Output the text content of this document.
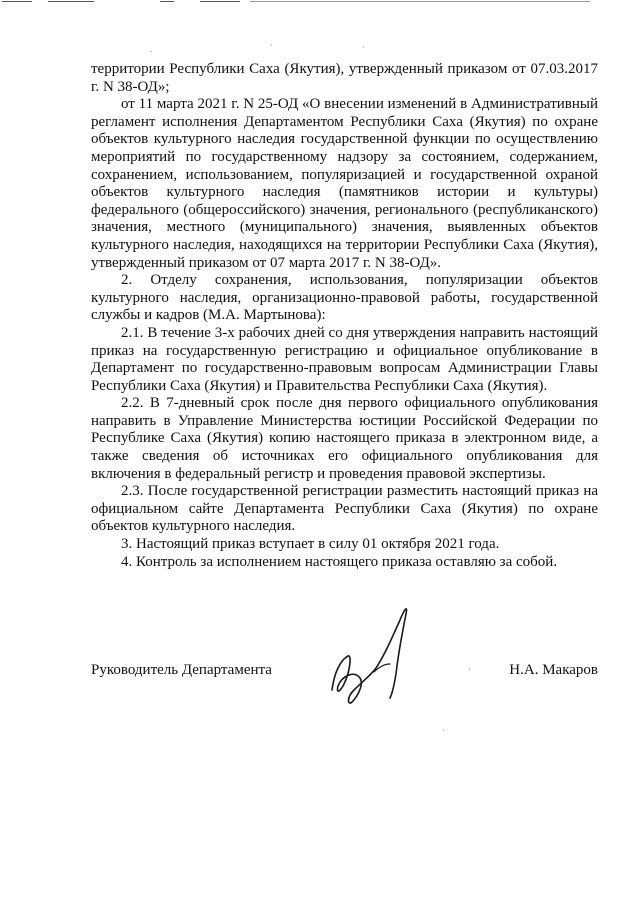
территории Республики Саха (Якутия), утвержденный приказом от 07.03.2017 г. N 38-ОД»;

от 11 марта 2021 г. N 25-ОД «О внесении изменений в Административный регламент исполнения Департаментом Республики Саха (Якутия) по охране объектов культурного наследия государственной функции по осуществлению мероприятий по государственному надзору за состоянием, содержанием, сохранением, использованием, популяризацией и государственной охраной объектов культурного наследия (памятников истории и культуры) федерального (общероссийского) значения, регионального (республиканского) значения, местного (муниципального) значения, выявленных объектов культурного наследия, находящихся на территории Республики Саха (Якутия), утвержденный приказом от 07 марта 2017 г. N 38-ОД».

2. Отделу сохранения, использования, популяризации объектов культурного наследия, организационно-правовой работы, государственной службы и кадров (М.А. Мартынова):

2.1. В течение 3-х рабочих дней со дня утверждения направить настоящий приказ на государственную регистрацию и официальное опубликование в Департамент по государственно-правовым вопросам Администрации Главы Республики Саха (Якутия) и Правительства Республики Саха (Якутия).

2.2. В 7-дневный срок после дня первого официального опубликования направить в Управление Министерства юстиции Российской Федерации по Республике Саха (Якутия) копию настоящего приказа в электронном виде, а также сведения об источниках его официального опубликования для включения в федеральный регистр и проведения правовой экспертизы.

2.3. После государственной регистрации разместить настоящий приказ на официальном сайте Департамента Республики Саха (Якутия) по охране объектов культурного наследия.

3. Настоящий приказ вступает в силу 01 октября 2021 года.

4. Контроль за исполнением настоящего приказа оставляю за собой.

Руководитель Департамента	Н.А. Макаров
.	·	·
·
·
